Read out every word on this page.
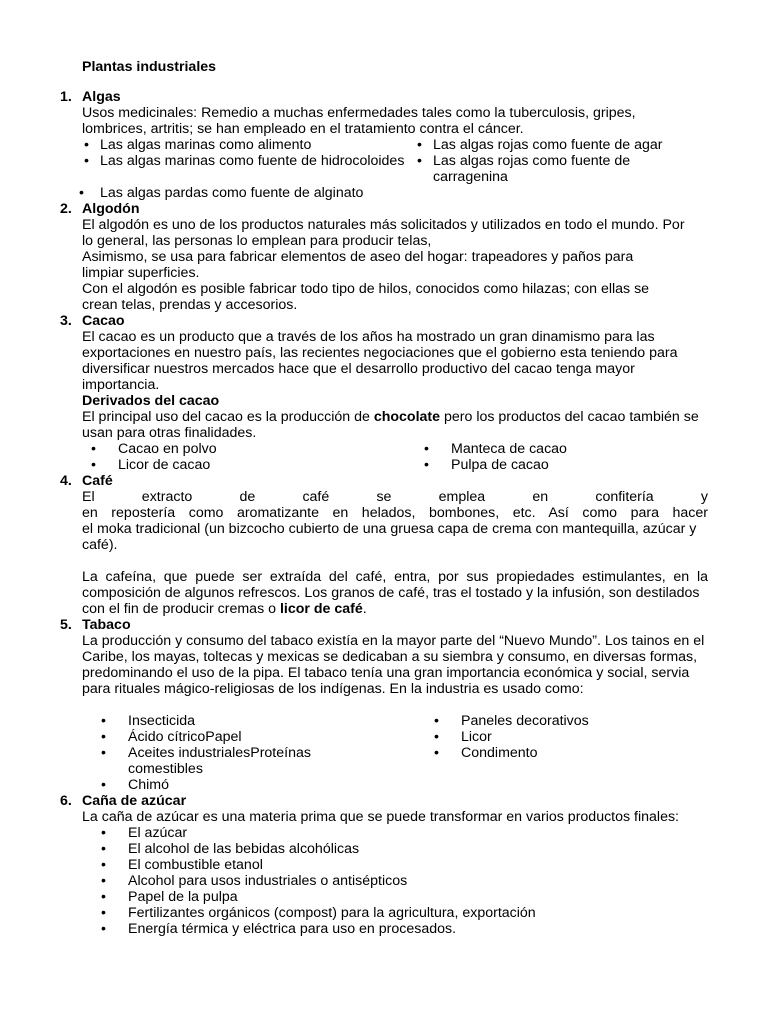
Plantas industriales
1. Algas

Usos medicinales: Remedio a muchas enfermedades tales como la tuberculosis, gripes,

lombrices, artritis; se han empleado en el tratamiento contra el cáncer.

• Las algas marinas como alimento
• Las algas marinas como fuente de hidrocoloides
• Las algas rojas como fuente de agar
• Las algas rojas como fuente de carragenina
• Las algas pardas como fuente de alginato
2. Algodón

El algodón es uno de los productos naturales más solicitados y utilizados en todo el mundo. Por

lo general, las personas lo emplean para producir telas,

Asimismo, se usa para fabricar elementos de aseo del hogar: trapeadores y paños para

limpiar superficies.

Con el algodón es posible fabricar todo tipo de hilos, conocidos como hilazas; con ellas se

crean telas, prendas y accesorios.

3. Cacao

El cacao es un producto que a través de los años ha mostrado un gran dinamismo para las

exportaciones en nuestro país, las recientes negociaciones que el gobierno esta teniendo para

diversificar nuestros mercados hace que el desarrollo productivo del cacao tenga mayor

importancia.

Derivados del cacao

El principal uso del cacao es la producción de chocolate pero los productos del cacao también se

usan para otras finalidades.

• Cacao en polvo
• Licor de cacao
• Manteca de cacao
• Pulpa de cacao
4. Café

El extracto de café se emplea en confitería y

en repostería como aromatizante en helados, bombones, etc. Así como para hacer

el moka tradicional (un bizcocho cubierto de una gruesa capa de crema con mantequilla, azúcar y

café).

La cafeína, que puede ser extraída del café, entra, por sus propiedades estimulantes, en la

composición de algunos refrescos. Los granos de café, tras el tostado y la infusión, son destilados

con el fin de producir cremas o licor de café.

5. Tabaco

La producción y consumo del tabaco existía en la mayor parte del “Nuevo Mundo”. Los tainos en el

Caribe, los mayas, toltecas y mexicas se dedicaban a su siembra y consumo, en diversas formas,

predominando el uso de la pipa. El tabaco tenía una gran importancia económica y social, servia

para rituales mágico-religiosas de los indígenas. En la industria es usado como:

• Insecticida
• Ácido cítricoPapel
• Aceites industrialesProteínas comestibles
• Chimó
• Paneles decorativos
• Licor
• Condimento
6. Caña de azúcar

La caña de azúcar es una materia prima que se puede transformar en varios productos finales:

• El azúcar
• El alcohol de las bebidas alcohólicas
• El combustible etanol
• Alcohol para usos industriales o antisépticos
• Papel de la pulpa
• Fertilizantes orgánicos (compost) para la agricultura, exportación
• Energía térmica y eléctrica para uso en procesados.
